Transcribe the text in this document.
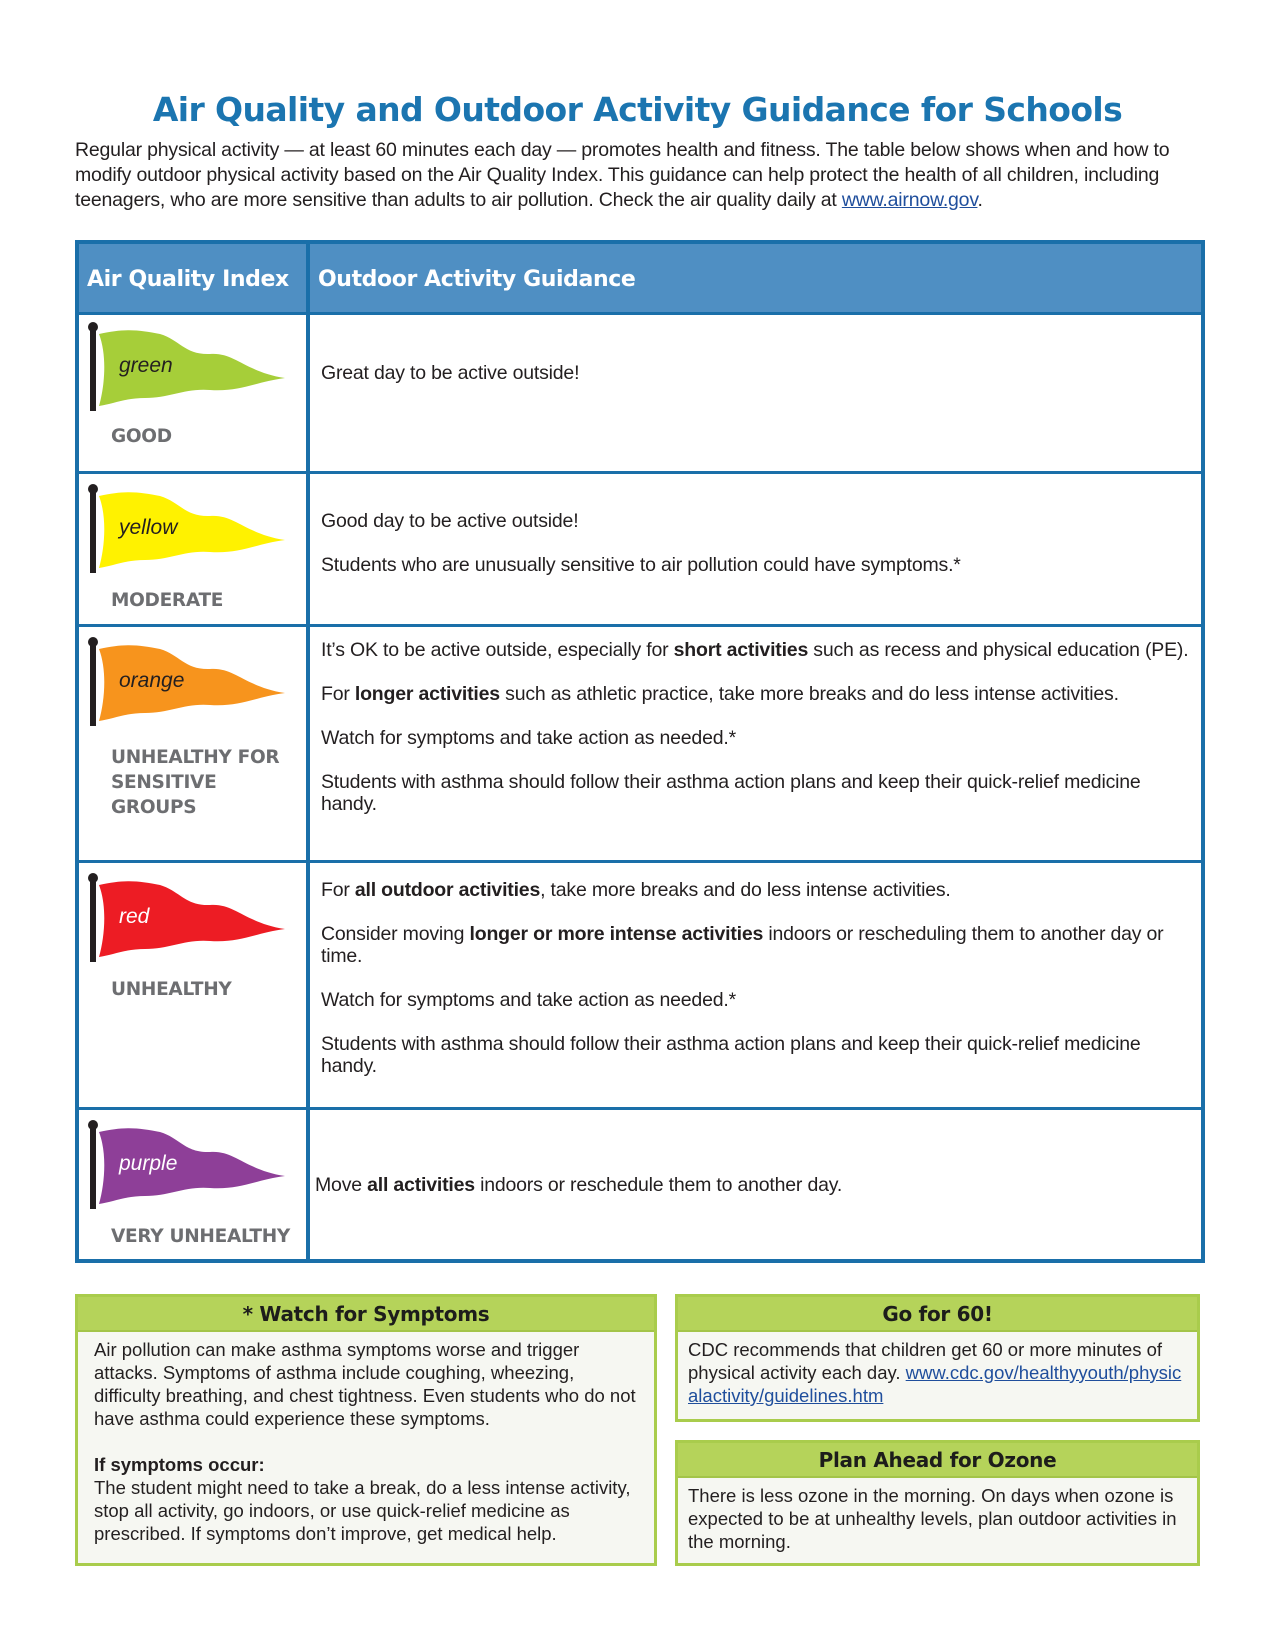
Air Quality and Outdoor Activity Guidance for Schools
Regular physical activity — at least 60 minutes each day — promotes health and fitness. The table below shows when and how to modify outdoor physical activity based on the Air Quality Index. This guidance can help protect the health of all children, including teenagers, who are more sensitive than adults to air pollution. Check the air quality daily at www.airnow.gov.
Air Quality Index Outdoor Activity Guidance
green
GOOD

Great day to be active outside!

yellow
MODERATE

Good day to be active outside!

Students who are unusually sensitive to air pollution could have symptoms.*

orange
UNHEALTHY FOR SENSITIVE GROUPS

It’s OK to be active outside, especially for short activities such as recess and physical education (PE).

For longer activities such as athletic practice, take more breaks and do less intense activities.

Watch for symptoms and take action as needed.*

Students with asthma should follow their asthma action plans and keep their quick-relief medicine handy.

red
UNHEALTHY

For all outdoor activities, take more breaks and do less intense activities.

Consider moving longer or more intense activities indoors or rescheduling them to another day or time.

Watch for symptoms and take action as needed.*

Students with asthma should follow their asthma action plans and keep their quick-relief medicine handy.

purple
VERY UNHEALTHY

Move all activities indoors or reschedule them to another day.

* Watch for Symptoms

Air pollution can make asthma symptoms worse and trigger attacks. Symptoms of asthma include coughing, wheezing, difficulty breathing, and chest tightness. Even students who do not have asthma could experience these symptoms.

If symptoms occur:

The student might need to take a break, do a less intense activity, stop all activity, go indoors, or use quick-relief medicine as prescribed. If symptoms don’t improve, get medical help.

Go for 60!

CDC recommends that children get 60 or more minutes of physical activity each day. www.cdc.gov/healthyyouth/physicalactivity/guidelines.htm

Plan Ahead for Ozone

There is less ozone in the morning. On days when ozone is expected to be at unhealthy levels, plan outdoor activities in the morning.
